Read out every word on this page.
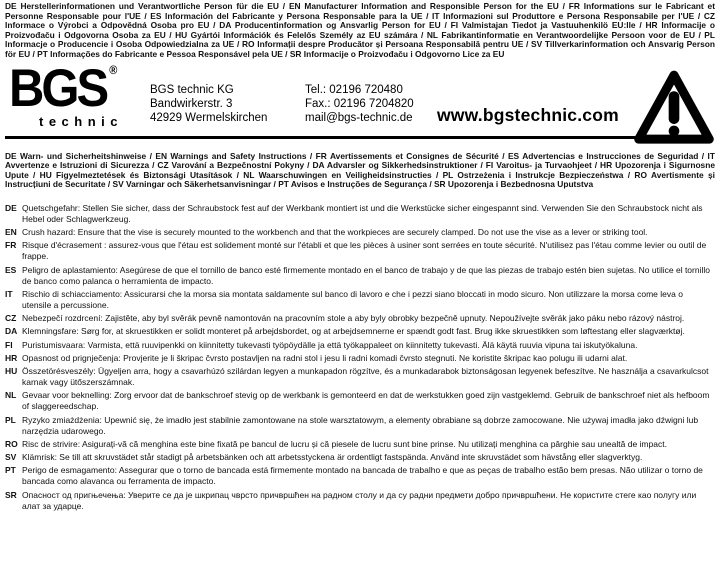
DE Herstellerinformationen und Verantwortliche Person für die EU / EN Manufacturer Information and Responsible Person for the EU / FR Informations sur le Fabricant et Personne Responsable pour l'UE / ES Información del Fabricante y Persona Responsable para la UE / IT Informazioni sul Produttore e Persona Responsabile per l'UE / CZ Informace o Výrobci a Odpovědná Osoba pro EU / DA Producentinformation og Ansvarlig Person for EU / FI Valmistajan Tiedot ja Vastuuhenkilö EU:lle / HR Informacije o Proizvođaču i Odgovorna Osoba za EU / HU Gyártói Információk és Felelős Személy az EU számára / NL Fabrikantinformatie en Verantwoordelijke Persoon voor de EU / PL Informacje o Producencie i Osoba Odpowiedzialna za UE / RO Informații despre Producător și Persoana Responsabilă pentru UE / SV Tillverkarinformation och Ansvarig Person för EU / PT Informações do Fabricante e Pessoa Responsável pela UE / SR Informacije o Proizvođaču i Odgovorno Lice za EU
BGS ®
technic
BGS technic KG
Bandwirkerstr. 3
42929 Wermelskirchen
Tel.: 02196 720480
Fax.: 02196 7204820
mail@bgs-technic.de www.bgstechnic.com
DE Warn- und Sicherheitshinweise / EN Warnings and Safety Instructions / FR Avertissements et Consignes de Sécurité / ES Advertencias e Instrucciones de Seguridad / IT Avvertenze e Istruzioni di Sicurezza / CZ Varování a Bezpečnostní Pokyny / DA Advarsler og Sikkerhedsinstruktioner / FI Varoitus- ja Turvaohjeet / HR Upozorenja i Sigurnosne Upute / HU Figyelmeztetések és Biztonsági Utasítások / NL Waarschuwingen en Veiligheidsinstructies / PL Ostrzeżenia i Instrukcje Bezpieczeństwa / RO Avertismente și Instrucțiuni de Securitate / SV Varningar och Säkerhetsanvisningar / PT Avisos e Instruções de Segurança / SR Upozorenja i Bezbednosna Uputstva
DE Quetschgefahr: Stellen Sie sicher, dass der Schraubstock fest auf der Werkbank montiert ist und die Werkstücke sicher eingespannt sind. Verwenden Sie den Schraubstock nicht als Hebel oder Schlagwerkzeug.
EN Crush hazard: Ensure that the vise is securely mounted to the workbench and that the workpieces are securely clamped. Do not use the vise as a lever or striking tool.
FR Risque d'écrasement : assurez-vous que l'étau est solidement monté sur l'établi et que les pièces à usiner sont serrées en toute sécurité. N'utilisez pas l'étau comme levier ou outil de frappe.
ES Peligro de aplastamiento: Asegúrese de que el tornillo de banco esté firmemente montado en el banco de trabajo y de que las piezas de trabajo estén bien sujetas. No utilice el tornillo de banco como palanca o herramienta de impacto.
IT	Rischio di schiacciamento: Assicurarsi che la morsa sia montata saldamente sul banco di lavoro e che i pezzi siano bloccati in modo sicuro. Non utilizzare la morsa come leva o utensile a percussione.
CZ Nebezpečí rozdrcení: Zajistěte, aby byl svěrák pevně namontován na pracovním stole a aby byly obrobky bezpečně upnuty. Nepoužívejte svěrák jako páku nebo rázový nástroj.
DA Klemningsfare: Sørg for, at skruestikken er solidt monteret på arbejdsbordet, og at arbejdsemnerne er spændt godt fast. Brug ikke skruestikken som løftestang eller slagværktøj.
FI	Puristumisvaara: Varmista, että ruuvipenkki on kiinnitetty tukevasti työpöydälle ja että työkappaleet on kiinnitetty tukevasti. Älä käytä ruuvia vipuna tai iskutyökaluna.
HR Opasnost od prignječenja: Provjerite je li škripac čvrsto postavljen na radni stol i jesu li radni komadi čvrsto stegnuti. Ne koristite škripac kao polugu ili udarni alat.
HU Összetörésveszély: Ügyeljen arra, hogy a csavarhúzó szilárdan legyen a munkapadon rögzítve, és a munkadarabok biztonságosan legyenek befeszítve. Ne használja a csavarkulcsot karnak vagy ütőszerszámnak.
NL Gevaar voor beknelling: Zorg ervoor dat de bankschroef stevig op de werkbank is gemonteerd en dat de werkstukken goed zijn vastgeklemd. Gebruik de bankschroef niet als hefboom of slaggereedschap.
PL Ryzyko zmiażdżenia: Upewnić się, że imadło jest stabilnie zamontowane na stole warsztatowym, a elementy obrabiane są dobrze zamocowane. Nie używaj imadła jako dźwigni lub narzędzia udarowego.
RO Risc de strivire: Asigurați-vă că menghina este bine fixată pe bancul de lucru și că piesele de lucru sunt bine prinse. Nu utilizați menghina ca pârghie sau unealtă de impact.
SV Klämrisk: Se till att skruvstädet står stadigt på arbetsbänken och att arbetsstyckena är ordentligt fastspända. Använd inte skruvstädet som hävstång eller slagverktyg.
PT Perigo de esmagamento: Assegurar que o torno de bancada está firmemente montado na bancada de trabalho e que as peças de trabalho estão bem presas. Não utilizar o torno de bancada como alavanca ou ferramenta de impacto.
SR Опасност од пригњечења: Уверите се да је шкрипац чврсто причвршћен на радном столу и да су радни предмети добро причвршћени. Не користите стеге као полугу или алат за ударце.
